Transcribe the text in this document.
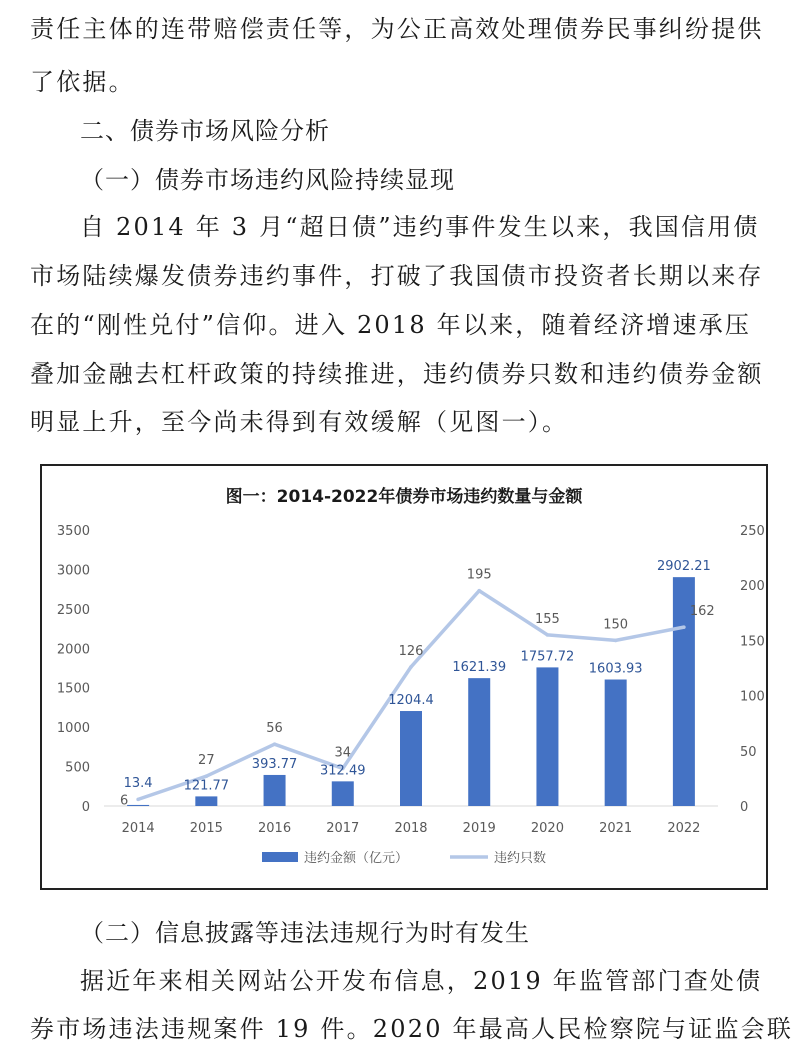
责任主体的连带赔偿责任等，为公正高效处理债券民事纠纷提供
了依据。
二、债券市场风险分析
（一）债券市场违约风险持续显现
自 2014 年 3 月“超日债”违约事件发生以来，我国信用债
市场陆续爆发债券违约事件，打破了我国债市投资者长期以来存
在的“刚性兑付”信仰。进入 2018 年以来，随着经济增速承压
叠加金融去杠杆政策的持续推进，违约债券只数和违约债券金额
明显上升，至今尚未得到有效缓解（见图一）。
图一：2014-2022年债券市场违约数量与金额
0
500
1000
1500
2000
2500
3000
3500
0
50
100
150
200
250
2014	2015	2016	2017	2018	2019	2020	2021	2022
6
27
56
34
126
195
155	150
162
13.4 121.77
393.77 312.49
1204.4
1621.39
1757.72
1603.93
2902.21
违约金额（亿元）	违约只数
（二）信息披露等违法违规行为时有发生
据近年来相关网站公开发布信息，2019 年监管部门查处债
券市场违法违规案件 19 件。2020 年最高人民检察院与证监会联
